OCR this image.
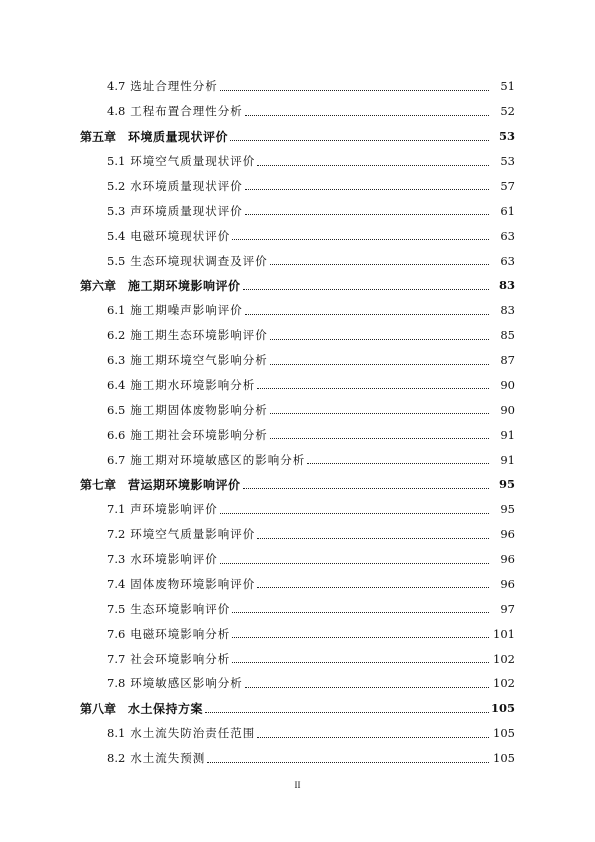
4.7 选址合理性分析	51
4.8 工程布置合理性分析	52
第五章 环境质量现状评价	53
5.1 环境空气质量现状评价	53
5.2 水环境质量现状评价	57
5.3 声环境质量现状评价	61
5.4 电磁环境现状评价	63
5.5 生态环境现状调查及评价	63
第六章 施工期环境影响评价	83
6.1 施工期噪声影响评价	83
6.2 施工期生态环境影响评价	85
6.3 施工期环境空气影响分析	87
6.4 施工期水环境影响分析	90
6.5 施工期固体废物影响分析	90
6.6 施工期社会环境影响分析	91
6.7 施工期对环境敏感区的影响分析	91
第七章 营运期环境影响评价	95
7.1 声环境影响评价	95
7.2 环境空气质量影响评价	96
7.3 水环境影响评价	96
7.4 固体废物环境影响评价	96
7.5 生态环境影响评价	97
7.6 电磁环境影响分析	101
7.7 社会环境影响分析	102
7.8 环境敏感区影响分析	102
第八章 水土保持方案	105
8.1 水土流失防治责任范围	105
8.2 水土流失预测	105
II
